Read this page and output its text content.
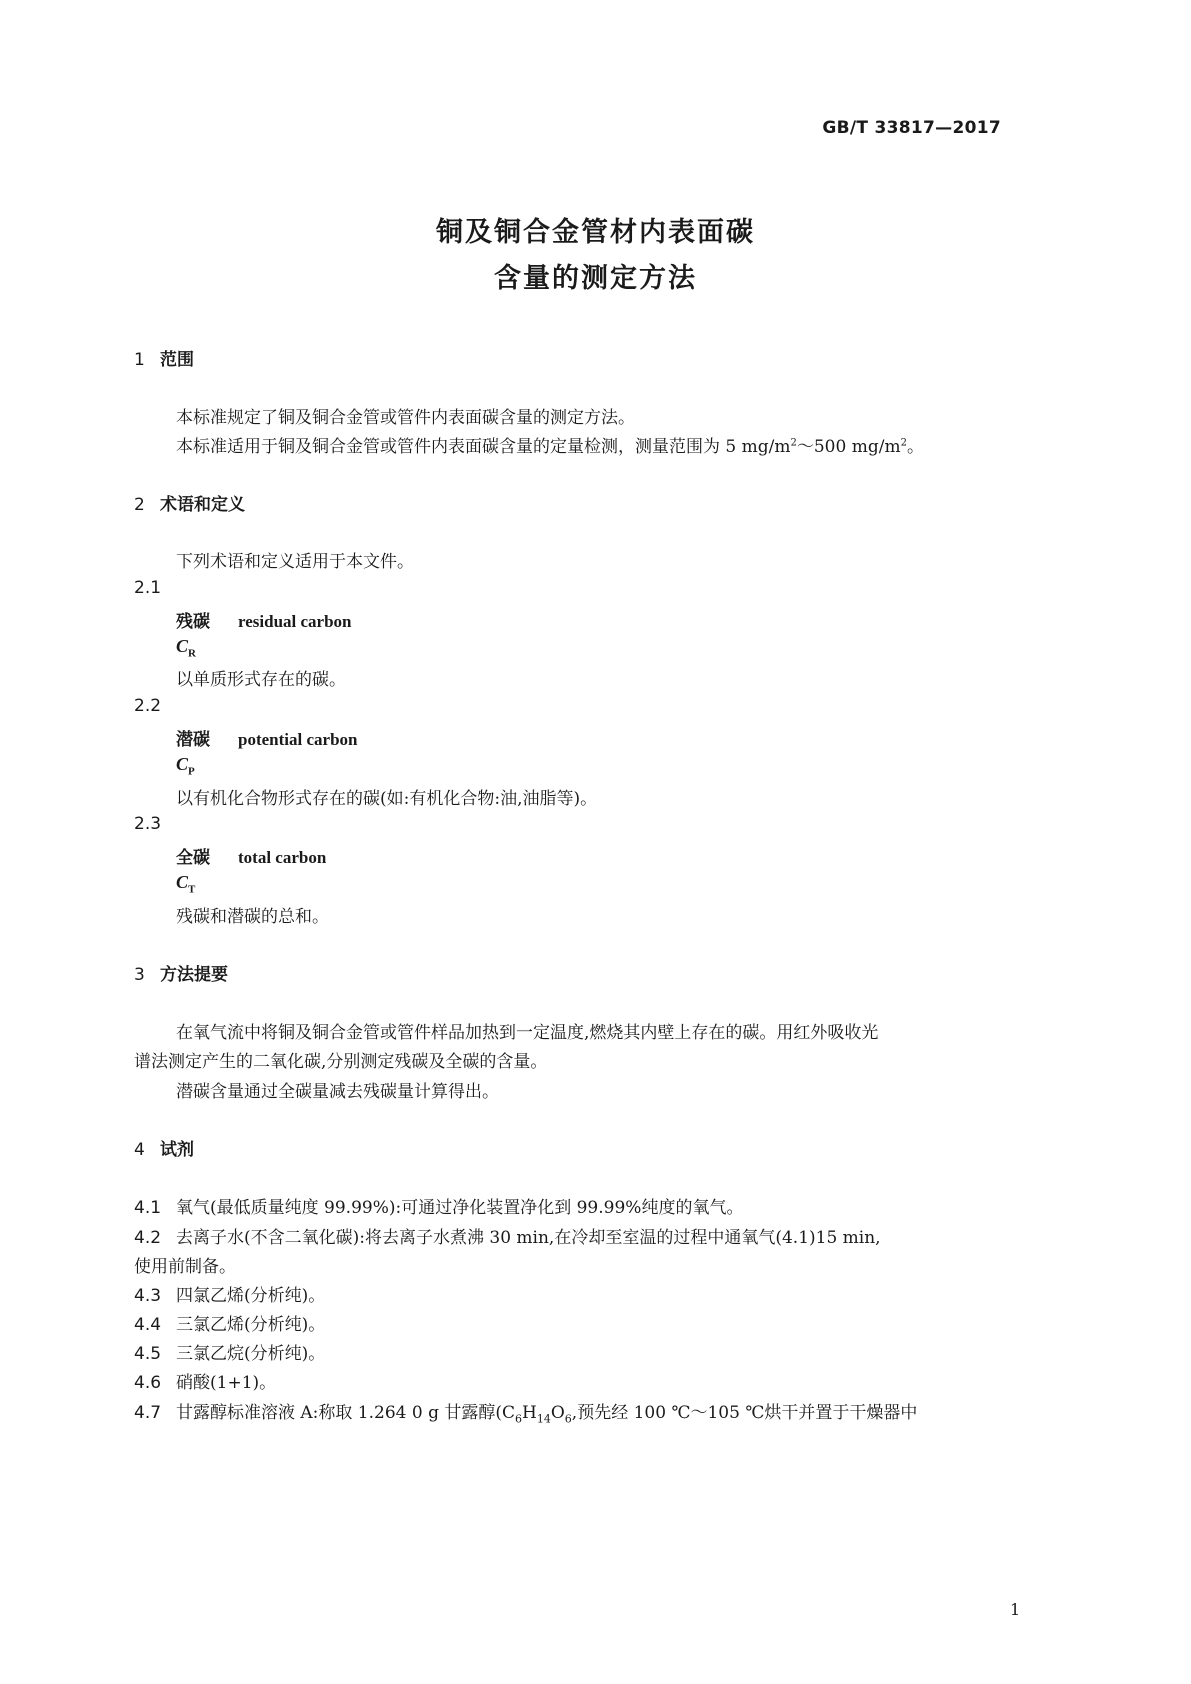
GB/T 33817—2017
铜及铜合金管材内表面碳
含量的测定方法
1 范围
本标准规定了铜及铜合金管或管件内表面碳含量的测定方法。
本标准适用于铜及铜合金管或管件内表面碳含量的定量检测，测量范围为 5 $mg/m^2\sim 500$ $mg/m^2$。
2 术语和定义
下列术语和定义适用于本文件。
2.1
残碳 residual carbon
$C_R$
以单质形式存在的碳。
2.2
潜碳 potential carbon
$C_P$
以有机化合物形式存在的碳(如:有机化合物:油,油脂等)。
2.3
全碳 total carbon
$C_T$
残碳和潜碳的总和。
3 方法提要
在氧气流中将铜及铜合金管或管件样品加热到一定温度,燃烧其内壁上存在的碳。用红外吸收光
谱法测定产生的二氧化碳,分别测定残碳及全碳的含量。
潜碳含量通过全碳量减去残碳量计算得出。
4 试剂
4.1 氧气(最低质量纯度 99.99%):可通过净化装置净化到 99.99%纯度的氧气。
4.2 去离子水(不含二氧化碳):将去离子水煮沸 30 min,在冷却至室温的过程中通氧气(4.1)15 min,
使用前制备。
4.3 四氯乙烯(分析纯)。
4.4 三氯乙烯(分析纯)。
4.5 三氯乙烷(分析纯)。
4.6 硝酸(1+1)。
4.7 甘露醇标准溶液 A:称取 1.264 0 g 甘露醇($C_6H_{14}O_6$,预先经 100 ℃～105 ℃烘干并置于干燥器中
1
